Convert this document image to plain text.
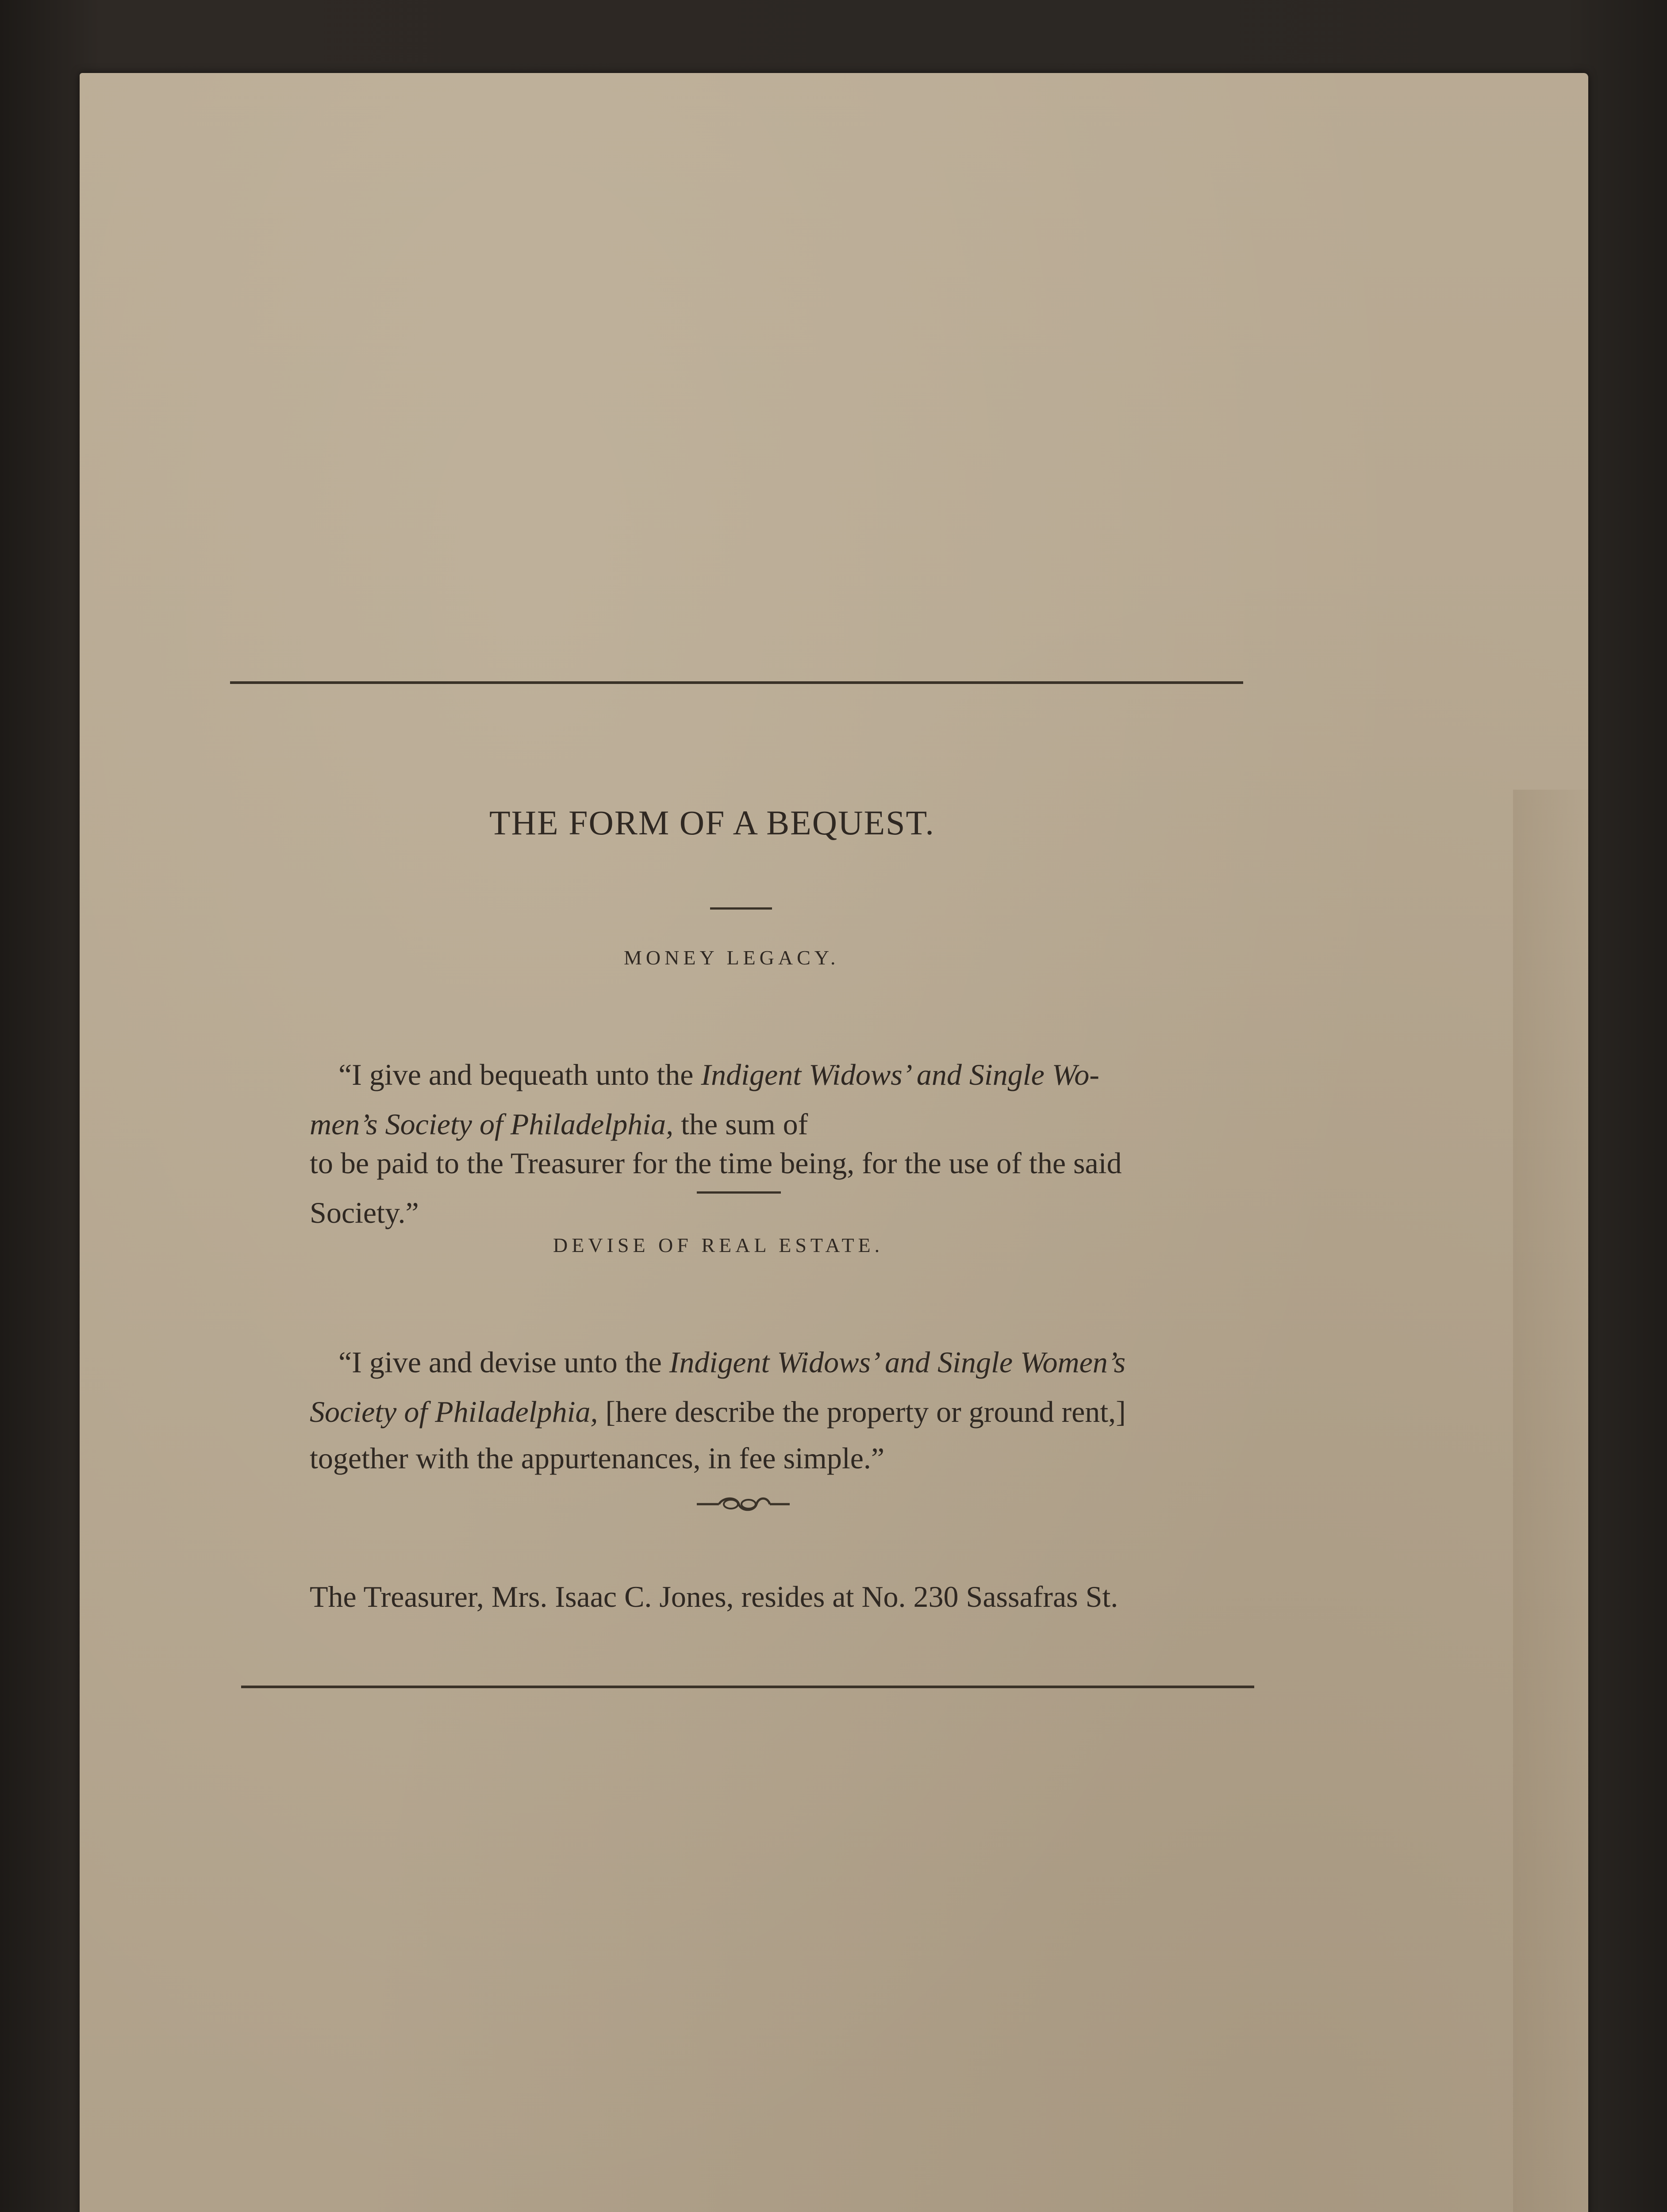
THE FORM OF A BEQUEST.
MONEY LEGACY.
“I give and bequeath unto the Indigent Widows’ and Single Wo-
men’s Society of Philadelphia, the sum of
to be paid to the Treasurer for the time being, for the use of the said
Society.”
DEVISE OF REAL ESTATE.
“I give and devise unto the Indigent Widows’ and Single Women’s
Society of Philadelphia, [here describe the property or ground rent,]
together with the appurtenances, in fee simple.”
The Treasurer, Mrs. Isaac C. Jones, resides at No. 230 Sassafras St.
